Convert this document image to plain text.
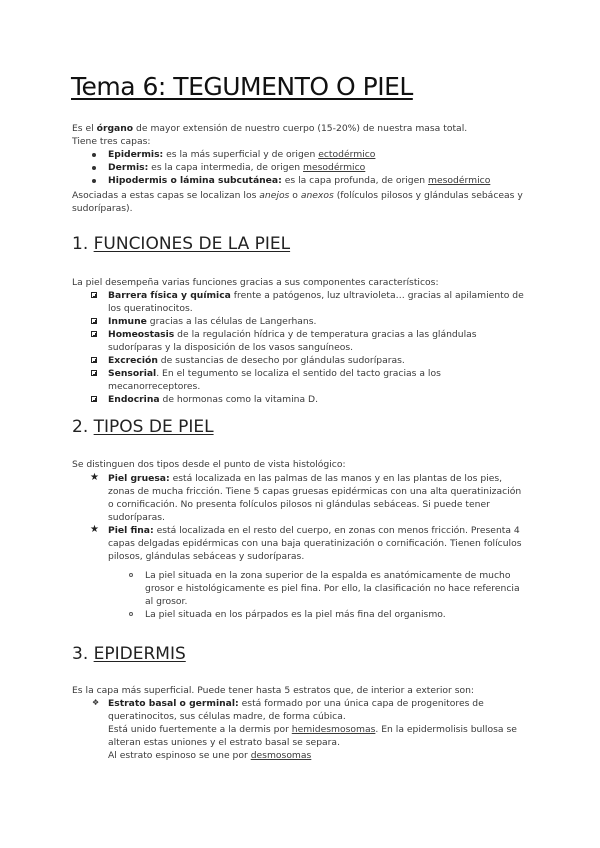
Tema 6: TEGUMENTO O PIEL

Es el órgano de mayor extensión de nuestro cuerpo (15-20%) de nuestra masa total.

Tiene tres capas:

Epidermis: es la más superficial y de origen ectodérmico
Dermis: es la capa intermedia, de origen mesodérmico
Hipodermis o lámina subcutánea: es la capa profunda, de origen mesodérmico

Asociadas a estas capas se localizan los anejos o anexos (folículos pilosos y glándulas sebáceas y sudoríparas).

1. FUNCIONES DE LA PIEL

La piel desempeña varias funciones gracias a sus componentes característicos:

Barrera física y química frente a patógenos, luz ultravioleta… gracias al apilamiento de los queratinocitos.
Inmune gracias a las células de Langerhans.
Homeostasis de la regulación hídrica y de temperatura gracias a las glándulas sudoríparas y la disposición de los vasos sanguíneos.
Excreción de sustancias de desecho por glándulas sudoríparas.
Sensorial. En el tegumento se localiza el sentido del tacto gracias a los mecanorreceptores.
Endocrina de hormonas como la vitamina D.
2. TIPOS DE PIEL

Se distinguen dos tipos desde el punto de vista histológico:

★ Piel gruesa: está localizada en las palmas de las manos y en las plantas de los pies, zonas de mucha fricción. Tiene 5 capas gruesas epidérmicas con una alta queratinización o cornificación. No presenta folículos pilosos ni glándulas sebáceas. Si puede tener sudoríparas.
★ Piel fina: está localizada en el resto del cuerpo, en zonas con menos fricción. Presenta 4 capas delgadas epidérmicas con una baja queratinización o cornificación. Tienen folículos pilosos, glándulas sebáceas y sudoríparas.
La piel situada en la zona superior de la espalda es anatómicamente de mucho grosor e histológicamente es piel fina. Por ello, la clasificación no hace referencia al grosor.
La piel situada en los párpados es la piel más fina del organismo.
3. EPIDERMIS

Es la capa más superficial. Puede tener hasta 5 estratos que, de interior a exterior son:

❖ Estrato basal o germinal: está formado por una única capa de progenitores de queratinocitos, sus células madre, de forma cúbica.
Está unido fuertemente a la dermis por hemidesmosomas. En la epidermolisis bullosa se alteran estas uniones y el estrato basal se separa.
Al estrato espinoso se une por desmosomas
